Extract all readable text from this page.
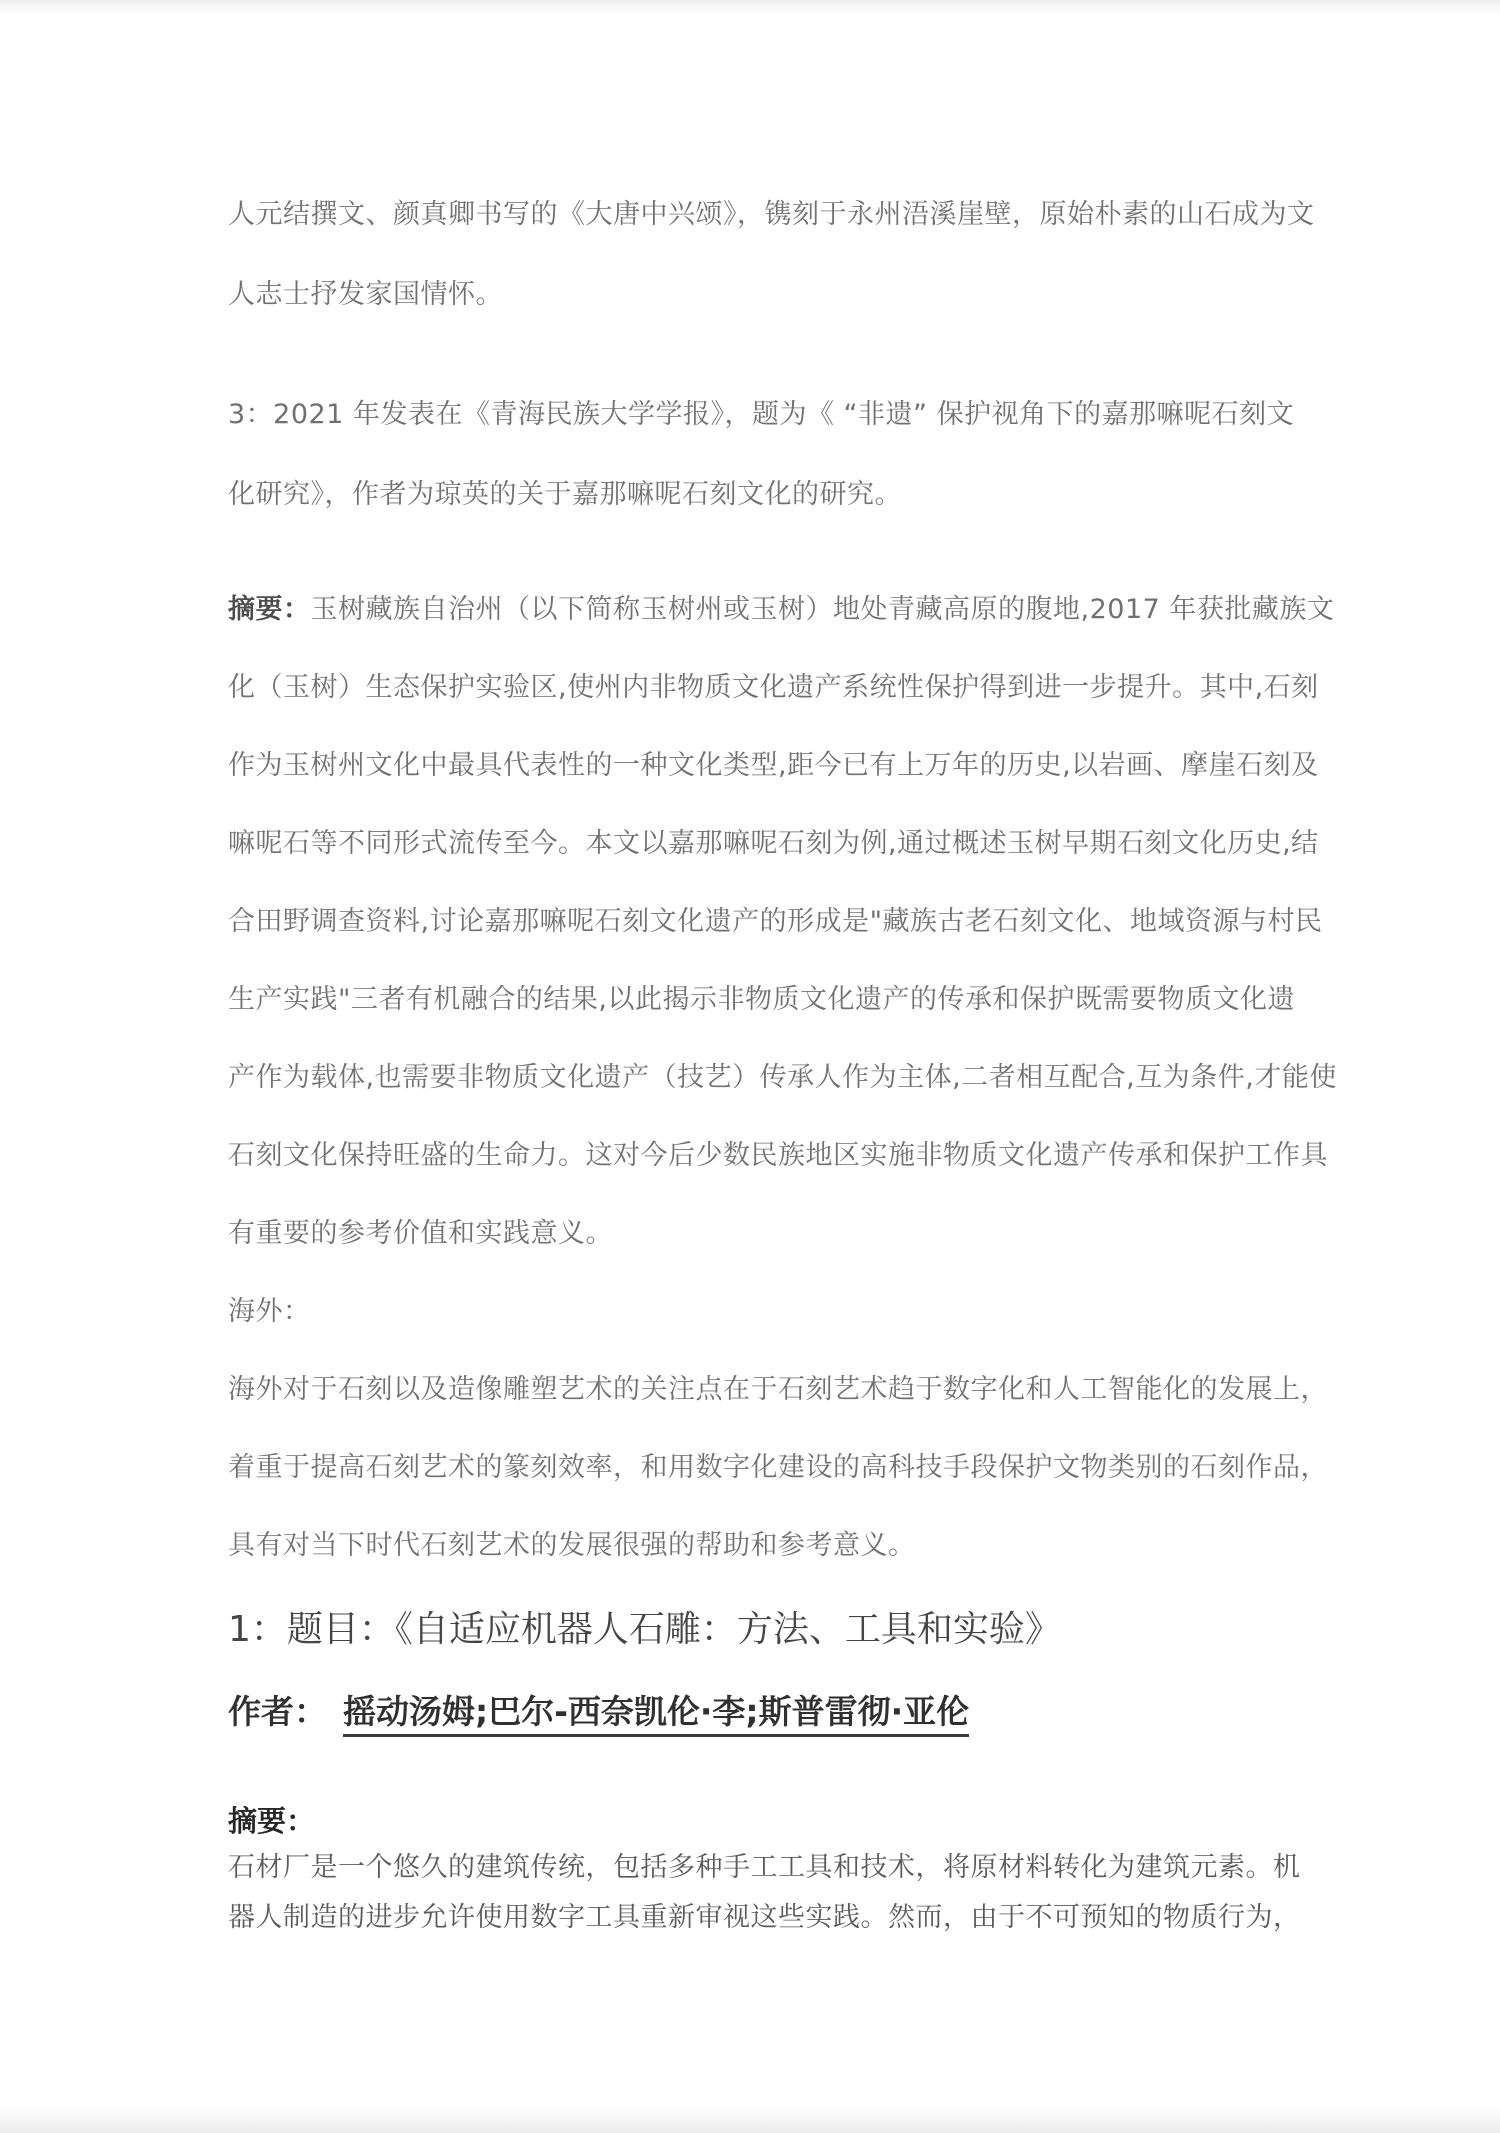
人元结撰文、颜真卿书写的《大唐中兴颂》，镌刻于永州浯溪崖壁，原始朴素的山石成为文
人志士抒发家国情怀。

3：2021 年发表在《青海民族大学学报》，题为《 “非遗” 保护视角下的嘉那嘛呢石刻文
化研究》，作者为琼英的关于嘉那嘛呢石刻文化的研究。

摘要：玉树藏族自治州（以下简称玉树州或玉树）地处青藏高原的腹地,2017 年获批藏族文
化（玉树）生态保护实验区,使州内非物质文化遗产系统性保护得到进一步提升。其中,石刻
作为玉树州文化中最具代表性的一种文化类型,距今已有上万年的历史,以岩画、摩崖石刻及
嘛呢石等不同形式流传至今。本文以嘉那嘛呢石刻为例,通过概述玉树早期石刻文化历史,结
合田野调查资料,讨论嘉那嘛呢石刻文化遗产的形成是"藏族古老石刻文化、地域资源与村民
生产实践"三者有机融合的结果,以此揭示非物质文化遗产的传承和保护既需要物质文化遗
产作为载体,也需要非物质文化遗产（技艺）传承人作为主体,二者相互配合,互为条件,才能使
石刻文化保持旺盛的生命力。这对今后少数民族地区实施非物质文化遗产传承和保护工作具
有重要的参考价值和实践意义。

海外：

海外对于石刻以及造像雕塑艺术的关注点在于石刻艺术趋于数字化和人工智能化的发展上，
着重于提高石刻艺术的篆刻效率，和用数字化建设的高科技手段保护文物类别的石刻作品，
具有对当下时代石刻艺术的发展很强的帮助和参考意义。

1：题目：《自适应机器人石雕：方法、工具和实验》

作者： 摇动汤姆;巴尔-西奈凯伦·李;斯普雷彻·亚伦

摘要：

石材厂是一个悠久的建筑传统，包括多种手工工具和技术，将原材料转化为建筑元素。机
器人制造的进步允许使用数字工具重新审视这些实践。然而，由于不可预知的物质行为，
